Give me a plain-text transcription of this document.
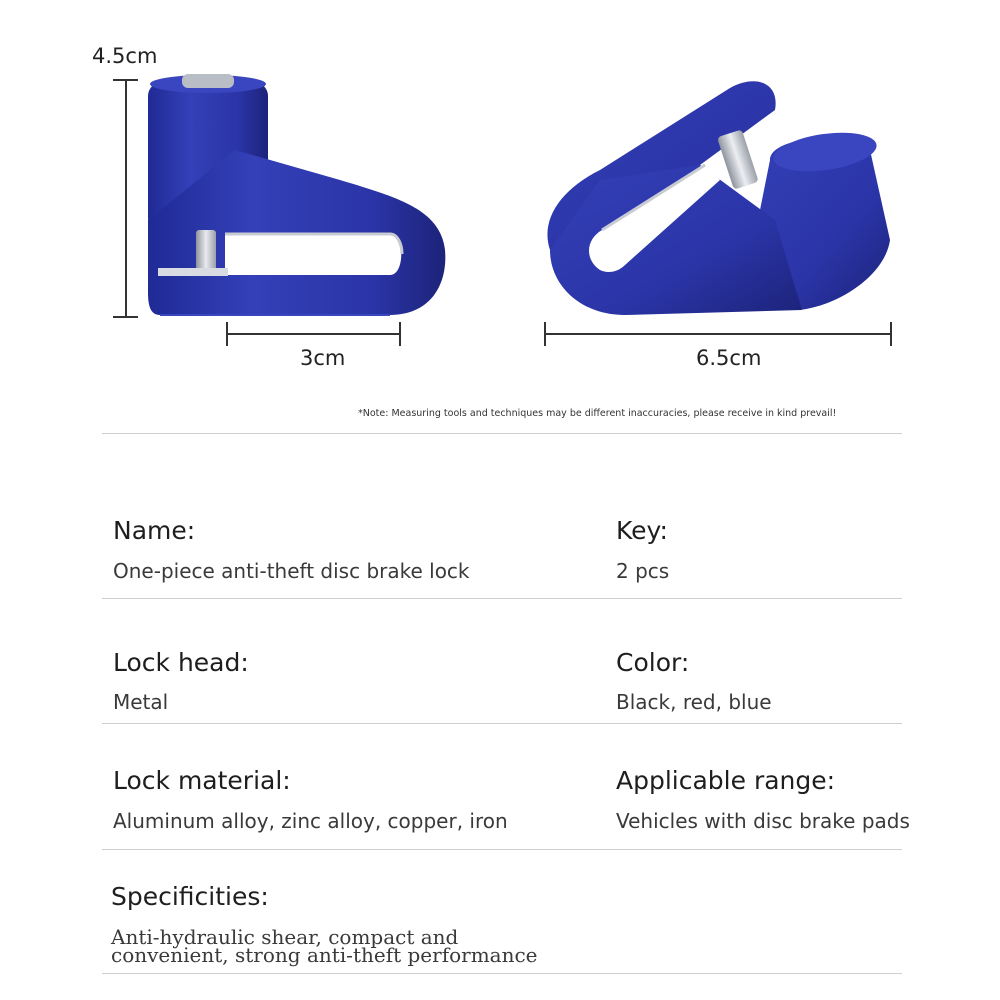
4.5cm
3cm	6.5cm
*Note: Measuring tools and techniques may be different inaccuracies, please receive in kind prevail!
Name:
One-piece anti-theft disc brake lock
Key:
2 pcs
Lock head:
Metal
Color:
Black, red, blue
Lock material:
Aluminum alloy, zinc alloy, copper, iron
Applicable range:
Vehicles with disc brake pads
Specificities:
Anti-hydraulic shear, compact and
convenient, strong anti-theft performance
